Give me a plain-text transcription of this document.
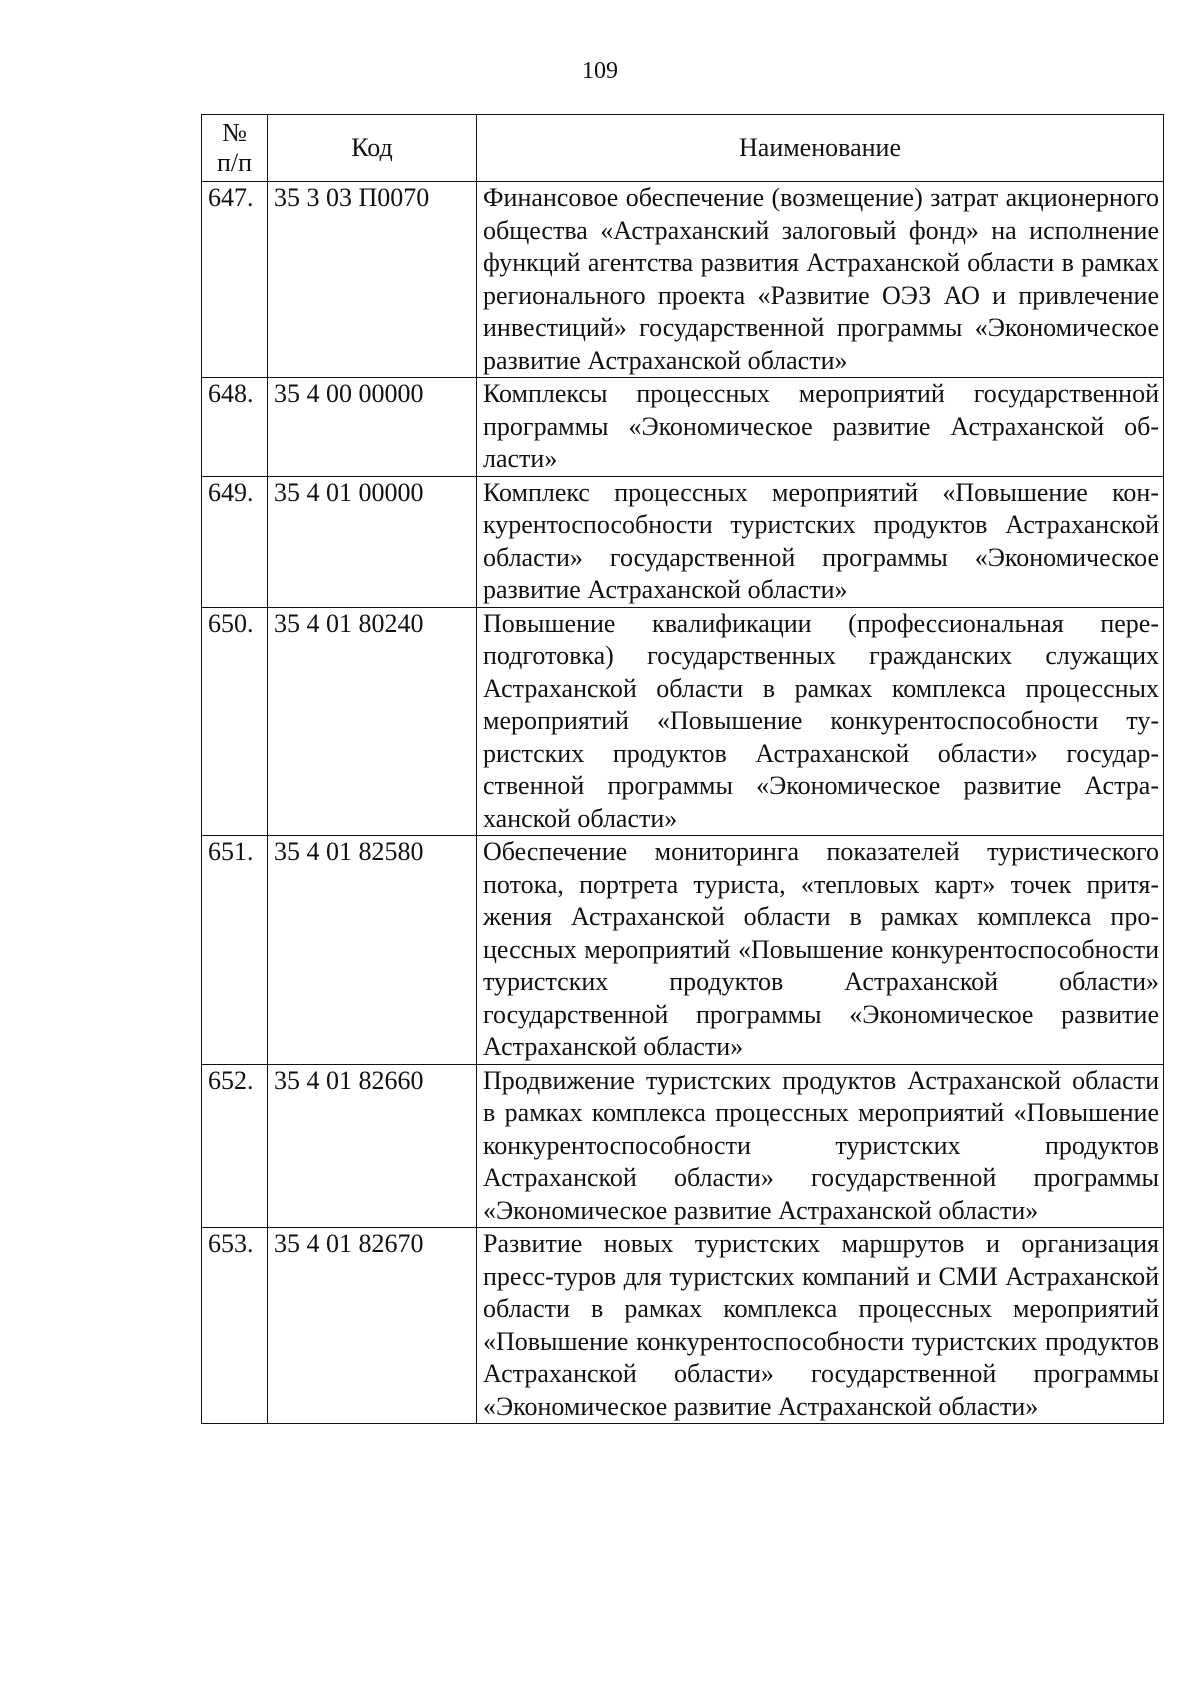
109
№
п/п	Код	Наименование
647.	35 3 03 П0070	Финансовое обеспечение (возмещение) затрат акционерного общества «Астраханский залоговый фонд» на исполнение функций агентства развития Астраханской области в рамках регионального проекта «Развитие ОЭЗ АО и привлечение инвестиций» государственной программы «Экономическое развитие Астраханской области»
648.	35 4 00 00000	Комплексы процессных мероприятий государственной программы «Экономическое развитие Астраханской области»
649.	35 4 01 00000	Комплекс процессных мероприятий «Повышение конкурентоспособности туристских продуктов Астраханской области» государственной программы «Экономическое развитие Астраханской области»
650.	35 4 01 80240	Повышение квалификации (профессиональная переподготовка) государственных гражданских служащих Астраханской области в рамках комплекса процессных мероприятий «Повышение конкурентоспособности туристских продуктов Астраханской области» государственной программы «Экономическое развитие Астраханской области»
651.	35 4 01 82580	Обеспечение мониторинга показателей туристического потока, портрета туриста, «тепловых карт» точек притяжения Астраханской области в рамках комплекса процессных мероприятий «Повышение конкурентоспособности туристских продуктов Астраханской области» государственной программы «Экономическое развитие Астраханской области»
652.	35 4 01 82660	Продвижение туристских продуктов Астраханской области в рамках комплекса процессных мероприятий «Повышение конкурентоспособности туристских продуктов Астраханской области» государственной программы «Экономическое развитие Астраханской области»
653.	35 4 01 82670	Развитие новых туристских маршрутов и организация пресс-туров для туристских компаний и СМИ Астраханской области в рамках комплекса процессных мероприятий «Повышение конкурентоспособности туристских продуктов Астраханской области» государственной программы «Экономическое развитие Астраханской области»
